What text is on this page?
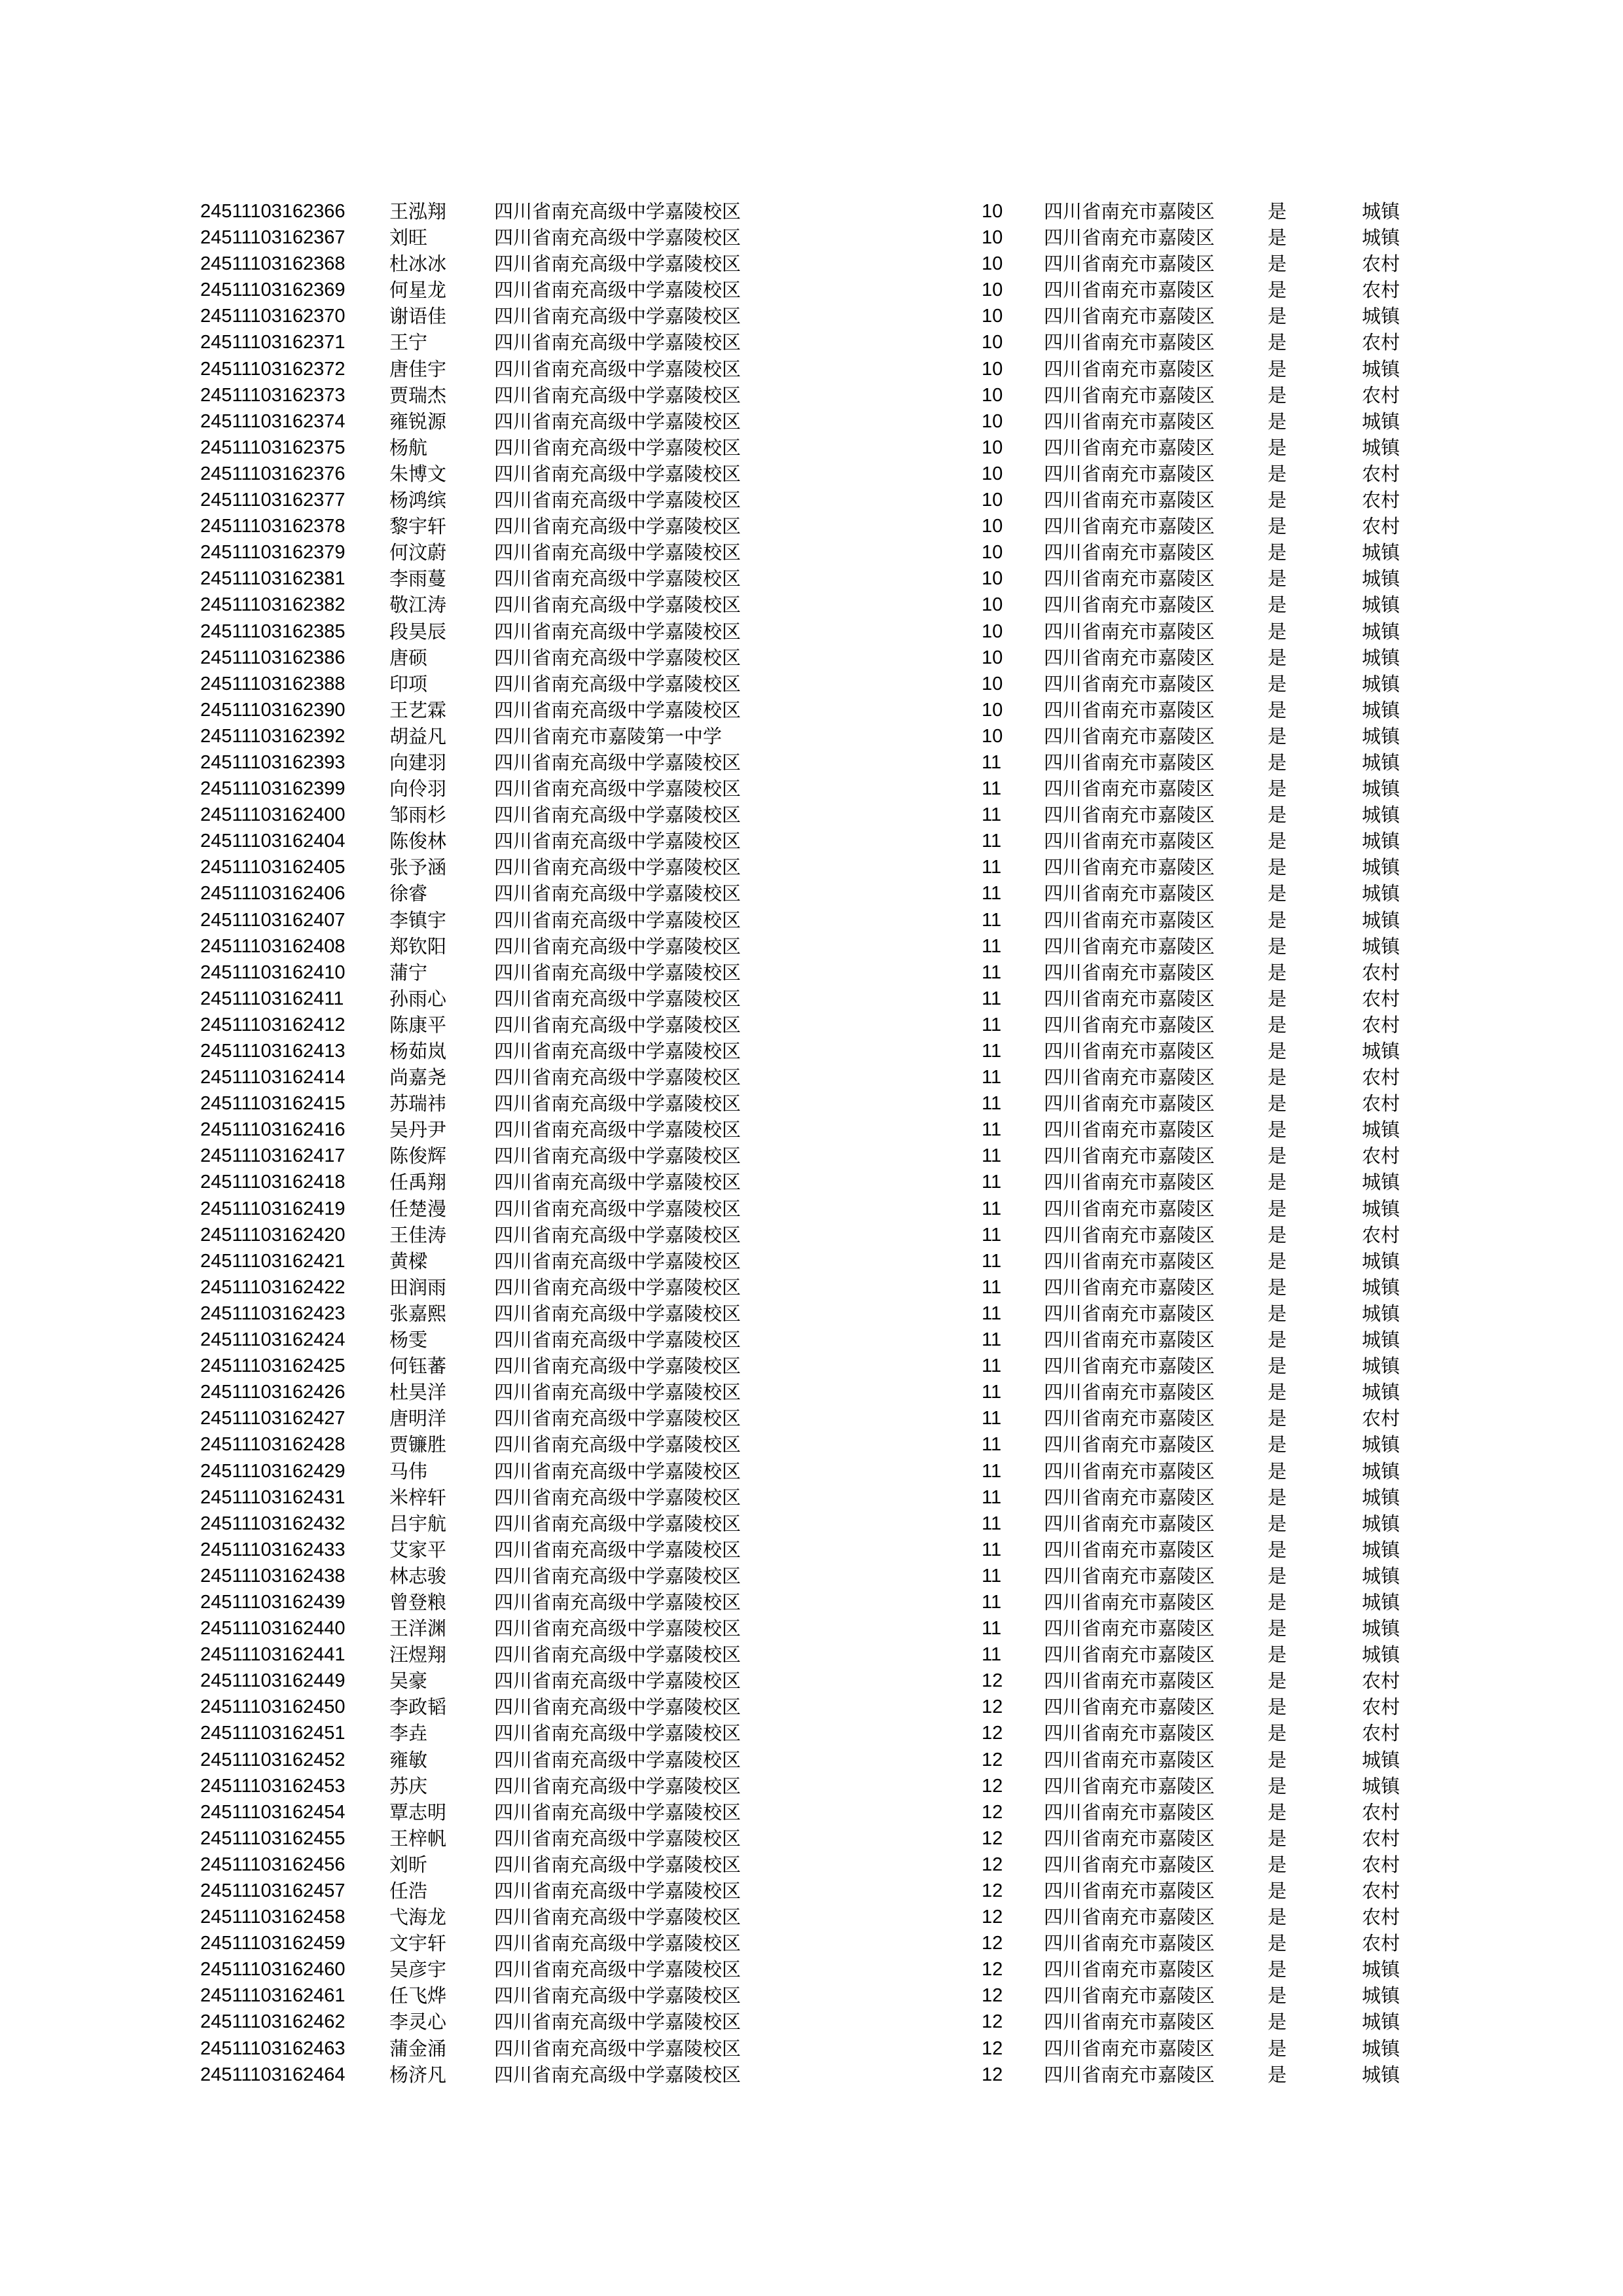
24511103162366 王泓翔	四川省南充高级中学嘉陵校区	10 四川省南充市嘉陵区	是	城镇
24511103162367 刘旺	四川省南充高级中学嘉陵校区	10 四川省南充市嘉陵区	是	城镇
24511103162368 杜冰冰	四川省南充高级中学嘉陵校区	10 四川省南充市嘉陵区	是	农村
24511103162369 何星龙	四川省南充高级中学嘉陵校区	10 四川省南充市嘉陵区	是	农村
24511103162370 谢语佳	四川省南充高级中学嘉陵校区	10 四川省南充市嘉陵区	是	城镇
24511103162371 王宁	四川省南充高级中学嘉陵校区	10 四川省南充市嘉陵区	是	农村
24511103162372 唐佳宇	四川省南充高级中学嘉陵校区	10 四川省南充市嘉陵区	是	城镇
24511103162373 贾瑞杰	四川省南充高级中学嘉陵校区	10 四川省南充市嘉陵区	是	农村
24511103162374 雍锐源	四川省南充高级中学嘉陵校区	10 四川省南充市嘉陵区	是	城镇
24511103162375 杨航	四川省南充高级中学嘉陵校区	10 四川省南充市嘉陵区	是	城镇
24511103162376 朱博文	四川省南充高级中学嘉陵校区	10 四川省南充市嘉陵区	是	农村
24511103162377 杨鸿缤	四川省南充高级中学嘉陵校区	10 四川省南充市嘉陵区	是	农村
24511103162378 黎宇轩	四川省南充高级中学嘉陵校区	10 四川省南充市嘉陵区	是	农村
24511103162379 何汶蔚	四川省南充高级中学嘉陵校区	10 四川省南充市嘉陵区	是	城镇
24511103162381 李雨蔓	四川省南充高级中学嘉陵校区	10 四川省南充市嘉陵区	是	城镇
24511103162382 敬江涛	四川省南充高级中学嘉陵校区	10 四川省南充市嘉陵区	是	城镇
24511103162385 段昊辰	四川省南充高级中学嘉陵校区	10 四川省南充市嘉陵区	是	城镇
24511103162386 唐硕	四川省南充高级中学嘉陵校区	10 四川省南充市嘉陵区	是	城镇
24511103162388 印项	四川省南充高级中学嘉陵校区	10 四川省南充市嘉陵区	是	城镇
24511103162390 王艺霖	四川省南充高级中学嘉陵校区	10 四川省南充市嘉陵区	是	城镇
24511103162392 胡益凡	四川省南充市嘉陵第一中学	10 四川省南充市嘉陵区	是	城镇
24511103162393 向建羽	四川省南充高级中学嘉陵校区	11 四川省南充市嘉陵区	是	城镇
24511103162399 向伶羽	四川省南充高级中学嘉陵校区	11 四川省南充市嘉陵区	是	城镇
24511103162400 邹雨杉	四川省南充高级中学嘉陵校区	11 四川省南充市嘉陵区	是	城镇
24511103162404 陈俊林	四川省南充高级中学嘉陵校区	11 四川省南充市嘉陵区	是	城镇
24511103162405 张予涵	四川省南充高级中学嘉陵校区	11 四川省南充市嘉陵区	是	城镇
24511103162406 徐睿	四川省南充高级中学嘉陵校区	11 四川省南充市嘉陵区	是	城镇
24511103162407 李镇宇	四川省南充高级中学嘉陵校区	11 四川省南充市嘉陵区	是	城镇
24511103162408 郑钦阳	四川省南充高级中学嘉陵校区	11 四川省南充市嘉陵区	是	城镇
24511103162410 蒲宁	四川省南充高级中学嘉陵校区	11 四川省南充市嘉陵区	是	农村
24511103162411 孙雨心	四川省南充高级中学嘉陵校区	11 四川省南充市嘉陵区	是	农村
24511103162412 陈康平	四川省南充高级中学嘉陵校区	11 四川省南充市嘉陵区	是	农村
24511103162413 杨茹岚	四川省南充高级中学嘉陵校区	11 四川省南充市嘉陵区	是	城镇
24511103162414 尚嘉尧	四川省南充高级中学嘉陵校区	11 四川省南充市嘉陵区	是	农村
24511103162415 苏瑞祎	四川省南充高级中学嘉陵校区	11 四川省南充市嘉陵区	是	农村
24511103162416 吴丹尹	四川省南充高级中学嘉陵校区	11 四川省南充市嘉陵区	是	城镇
24511103162417 陈俊辉	四川省南充高级中学嘉陵校区	11 四川省南充市嘉陵区	是	农村
24511103162418 任禹翔	四川省南充高级中学嘉陵校区	11 四川省南充市嘉陵区	是	城镇
24511103162419 任楚漫	四川省南充高级中学嘉陵校区	11 四川省南充市嘉陵区	是	城镇
24511103162420 王佳涛	四川省南充高级中学嘉陵校区	11 四川省南充市嘉陵区	是	农村
24511103162421 黄樑	四川省南充高级中学嘉陵校区	11 四川省南充市嘉陵区	是	城镇
24511103162422 田润雨	四川省南充高级中学嘉陵校区	11 四川省南充市嘉陵区	是	城镇
24511103162423 张嘉熙	四川省南充高级中学嘉陵校区	11 四川省南充市嘉陵区	是	城镇
24511103162424 杨雯	四川省南充高级中学嘉陵校区	11 四川省南充市嘉陵区	是	城镇
24511103162425 何钰蕃	四川省南充高级中学嘉陵校区	11 四川省南充市嘉陵区	是	城镇
24511103162426 杜昊洋	四川省南充高级中学嘉陵校区	11 四川省南充市嘉陵区	是	城镇
24511103162427 唐明洋	四川省南充高级中学嘉陵校区	11 四川省南充市嘉陵区	是	农村
24511103162428 贾镰胜	四川省南充高级中学嘉陵校区	11 四川省南充市嘉陵区	是	城镇
24511103162429 马伟	四川省南充高级中学嘉陵校区	11 四川省南充市嘉陵区	是	城镇
24511103162431 米梓轩	四川省南充高级中学嘉陵校区	11 四川省南充市嘉陵区	是	城镇
24511103162432 吕宇航	四川省南充高级中学嘉陵校区	11 四川省南充市嘉陵区	是	城镇
24511103162433 艾家平	四川省南充高级中学嘉陵校区	11 四川省南充市嘉陵区	是	城镇
24511103162438 林志骏	四川省南充高级中学嘉陵校区	11 四川省南充市嘉陵区	是	城镇
24511103162439 曾登粮	四川省南充高级中学嘉陵校区	11 四川省南充市嘉陵区	是	城镇
24511103162440 王洋渊	四川省南充高级中学嘉陵校区	11 四川省南充市嘉陵区	是	城镇
24511103162441 汪煜翔	四川省南充高级中学嘉陵校区	11 四川省南充市嘉陵区	是	城镇
24511103162449 吴豪	四川省南充高级中学嘉陵校区	12 四川省南充市嘉陵区	是	农村
24511103162450 李政韬	四川省南充高级中学嘉陵校区	12 四川省南充市嘉陵区	是	农村
24511103162451 李垚	四川省南充高级中学嘉陵校区	12 四川省南充市嘉陵区	是	农村
24511103162452 雍敏	四川省南充高级中学嘉陵校区	12 四川省南充市嘉陵区	是	城镇
24511103162453 苏庆	四川省南充高级中学嘉陵校区	12 四川省南充市嘉陵区	是	城镇
24511103162454 覃志明	四川省南充高级中学嘉陵校区	12 四川省南充市嘉陵区	是	农村
24511103162455 王梓帆	四川省南充高级中学嘉陵校区	12 四川省南充市嘉陵区	是	农村
24511103162456 刘昕	四川省南充高级中学嘉陵校区	12 四川省南充市嘉陵区	是	农村
24511103162457 任浩	四川省南充高级中学嘉陵校区	12 四川省南充市嘉陵区	是	农村
24511103162458 弋海龙	四川省南充高级中学嘉陵校区	12 四川省南充市嘉陵区	是	农村
24511103162459 文宇轩	四川省南充高级中学嘉陵校区	12 四川省南充市嘉陵区	是	农村
24511103162460 吴彦宇	四川省南充高级中学嘉陵校区	12 四川省南充市嘉陵区	是	城镇
24511103162461 任飞烨	四川省南充高级中学嘉陵校区	12 四川省南充市嘉陵区	是	城镇
24511103162462 李灵心	四川省南充高级中学嘉陵校区	12 四川省南充市嘉陵区	是	城镇
24511103162463 蒲金涌	四川省南充高级中学嘉陵校区	12 四川省南充市嘉陵区	是	城镇
24511103162464 杨济凡	四川省南充高级中学嘉陵校区	12 四川省南充市嘉陵区	是	城镇
